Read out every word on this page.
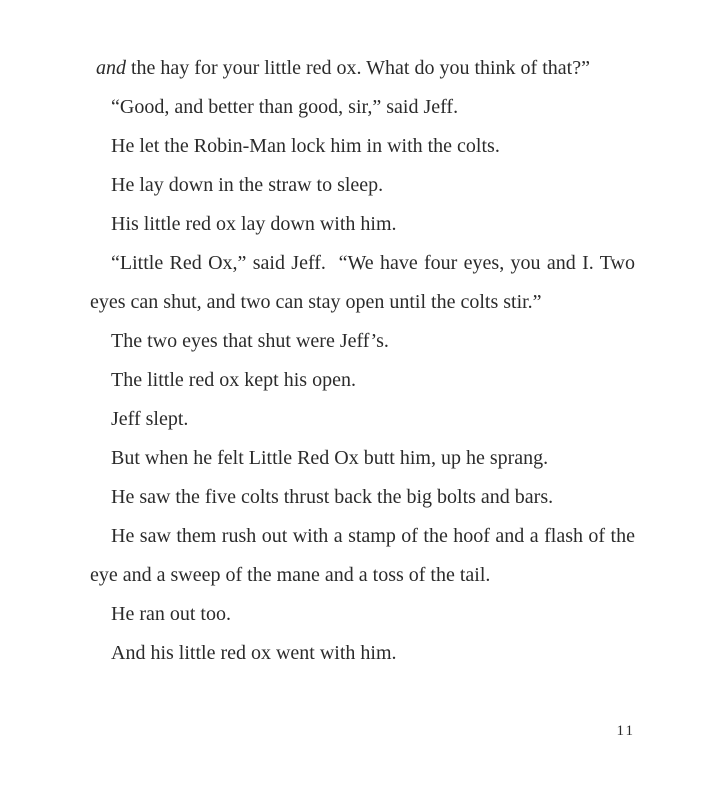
and the hay for your little red ox. What do you think of that?”
“Good, and better than good, sir,” said Jeff.
He let the Robin-Man lock him in with the colts.
He lay down in the straw to sleep.
His little red ox lay down with him.
“Little Red Ox,” said Jeff.  “We have four eyes, you and I. Two
eyes can shut, and two can stay open until the colts stir.”
The two eyes that shut were Jeff’s.
The little red ox kept his open.
Jeff slept.
But when he felt Little Red Ox butt him, up he sprang.
He saw the five colts thrust back the big bolts and bars.
He saw them rush out with a stamp of the hoof and a flash of the
eye and a sweep of the mane and a toss of the tail.
He ran out too.
And his little red ox went with him.
11
